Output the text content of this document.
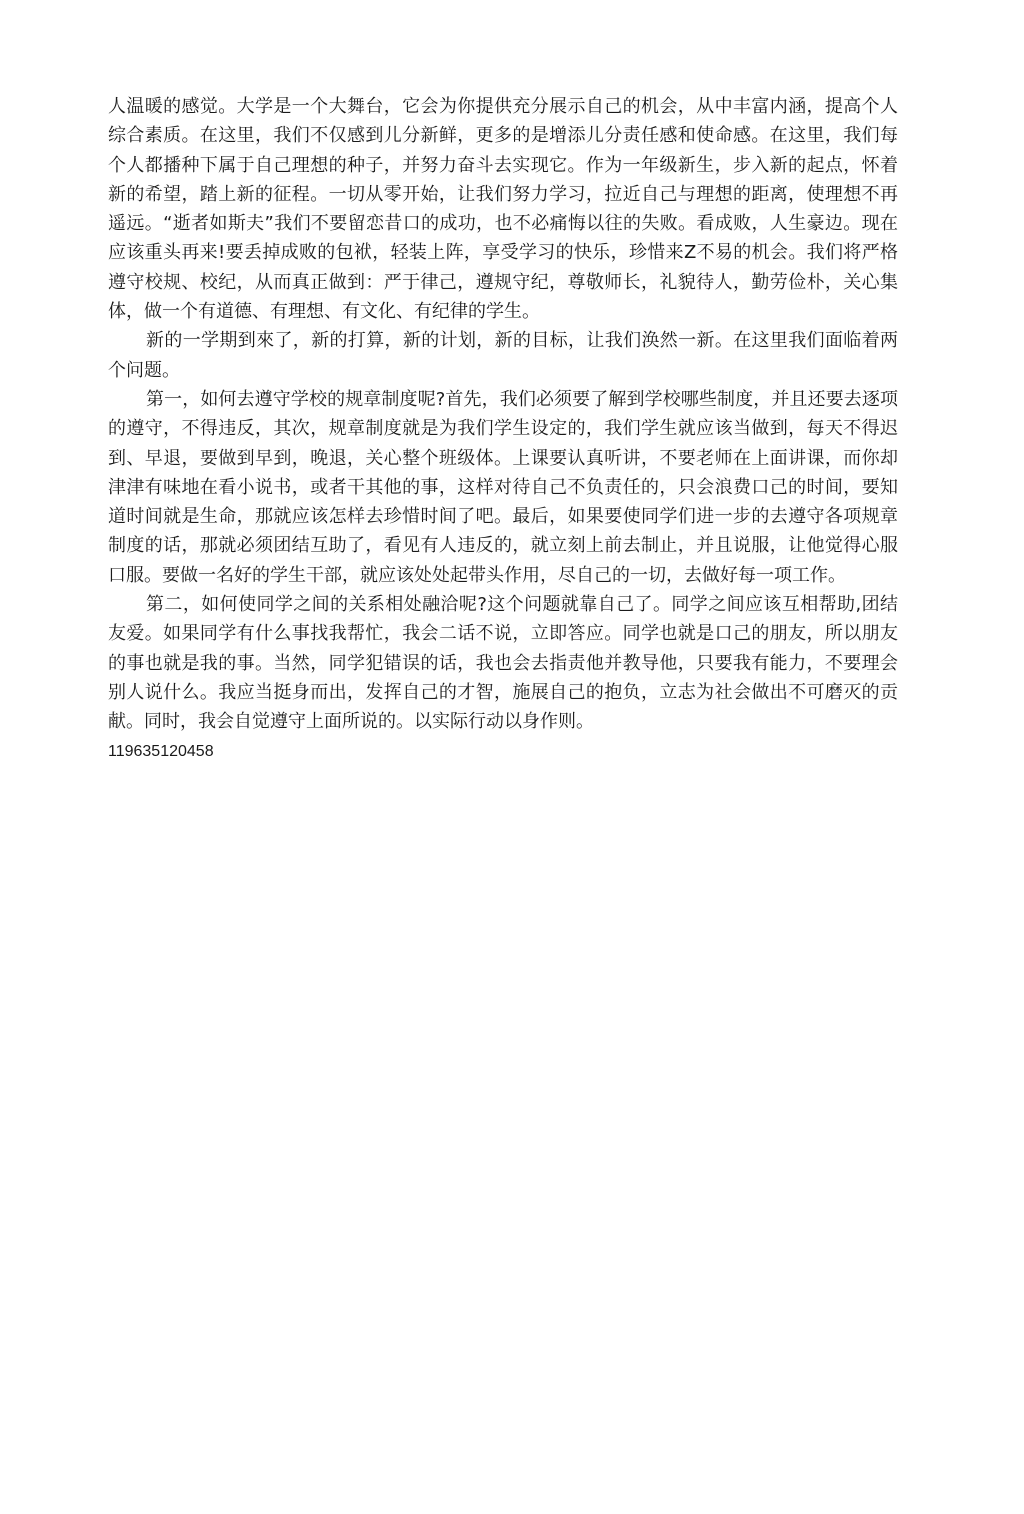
人温暖的感觉。大学是一个大舞台，它会为你提供充分展示自己的机会，从中丰富内涵，提高个人综合素质。在这里，我们不仅感到儿分新鲜，更多的是增添儿分责任感和使命感。在这里，我们每个人都播种下属于自己理想的种子，并努力奋斗去实现它。作为一年级新生，步入新的起点，怀着新的希望，踏上新的征程。一切从零开始，让我们努力学习，拉近自己与理想的距离，使理想不再遥远。“逝者如斯夫”我们不要留恋昔口的成功，也不必痛悔以往的失败。看成败，人生豪边。现在应该重头再来!要丢掉成败的包袱，轻装上阵，享受学习的快乐，珍惜来Z不易的机会。我们将严格遵守校规、校纪，从而真正做到：严于律己，遵规守纪，尊敬师长，礼貌待人，勤劳俭朴，关心集体，做一个有道德、有理想、有文化、有纪律的学生。

新的一学期到來了，新的打算，新的计划，新的目标，让我们涣然一新。在这里我们面临着两个问题。

第一，如何去遵守学校的规章制度呢?首先，我们必须要了解到学校哪些制度，并且还要去逐项的遵守，不得违反，其次，规章制度就是为我们学生设定的，我们学生就应该当做到，每天不得迟到、早退，要做到早到，晚退，关心整个班级体。上课要认真听讲，不要老师在上面讲课，而你却津津有味地在看小说书，或者干其他的事，这样对待自己不负责任的，只会浪费口己的时间，要知道时间就是生命，那就应该怎样去珍惜时间了吧。最后，如果要使同学们进一步的去遵守各项规章制度的话，那就必须团结互助了，看见有人违反的，就立刻上前去制止，并且说服，让他觉得心服口服。要做一名好的学生干部，就应该处处起带头作用，尽自己的一切，去做好每一项工作。

第二，如何使同学之间的关系相处融洽呢?这个问题就靠自己了。同学之间应该互相帮助,团结友爱。如果同学有什么事找我帮忙，我会二话不说，立即答应。同学也就是口己的朋友，所以朋友的事也就是我的事。当然，同学犯错误的话，我也会去指责他并教导他，只要我有能力，不要理会别人说什么。我应当挺身而出，发挥自己的才智，施展自己的抱负，立志为社会做出不可磨灭的贡献。同时，我会自觉遵守上面所说的。以实际行动以身作则。

119635120458
